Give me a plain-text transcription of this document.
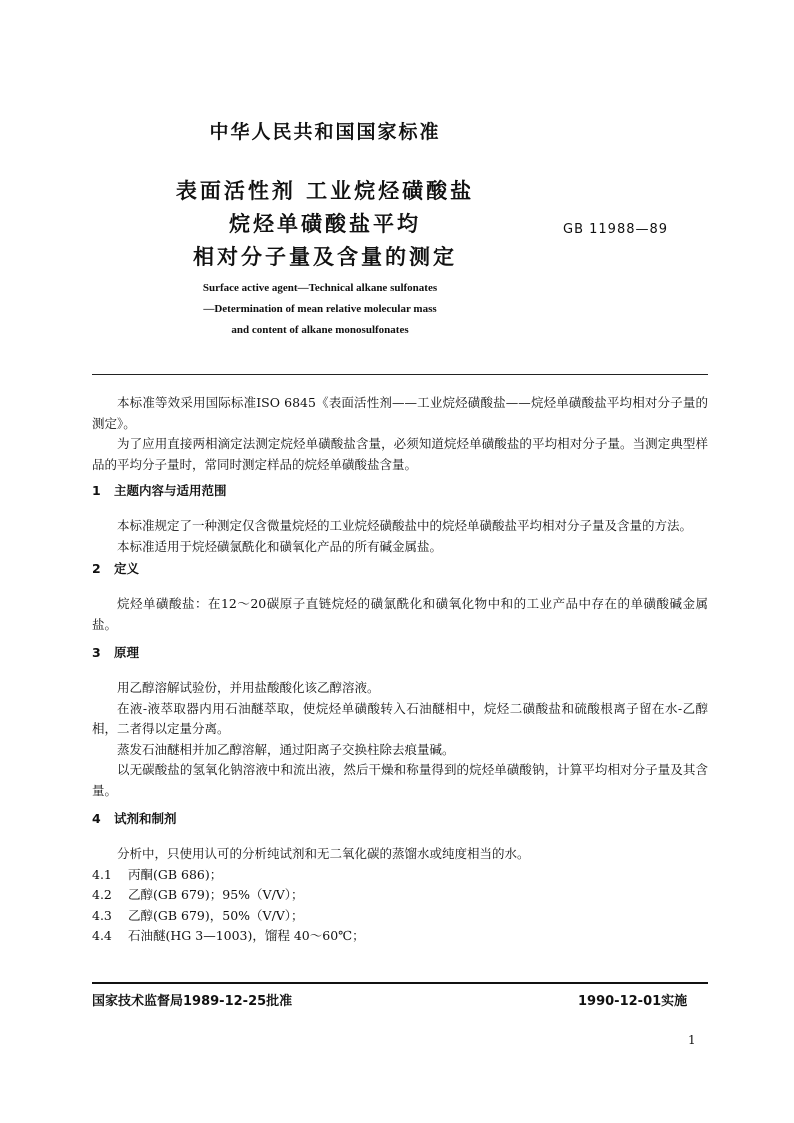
中华人民共和国国家标准
表面活性剂 工业烷烃磺酸盐
烷烃单磺酸盐平均
相对分子量及含量的测定
GB 11988—89
Surface active agent—Technical alkane sulfonates
—Determination of mean relative molecular mass
and content of alkane monosulfonates

本标准等效采用国际标准ISO 6845《表面活性剂——工业烷烃磺酸盐——烷烃单磺酸盐平均相对分子量的测定》。

为了应用直接两相滴定法测定烷烃单磺酸盐含量，必须知道烷烃单磺酸盐的平均相对分子量。当测定典型样品的平均分子量时，常同时测定样品的烷烃单磺酸盐含量。

1 主题内容与适用范围

本标准规定了一种测定仅含微量烷烃的工业烷烃磺酸盐中的烷烃单磺酸盐平均相对分子量及含量的方法。

本标准适用于烷烃磺氯酰化和磺氧化产品的所有碱金属盐。

2 定义

烷烃单磺酸盐：在12～20碳原子直链烷烃的磺氯酰化和磺氧化物中和的工业产品中存在的单磺酸碱金属盐。

3 原理

用乙醇溶解试验份，并用盐酸酸化该乙醇溶液。

在液-液萃取器内用石油醚萃取，使烷烃单磺酸转入石油醚相中，烷烃二磺酸盐和硫酸根离子留在水-乙醇相，二者得以定量分离。

蒸发石油醚相并加乙醇溶解，通过阳离子交换柱除去痕量碱。

以无碳酸盐的氢氧化钠溶液中和流出液，然后干燥和称量得到的烷烃单磺酸钠，计算平均相对分子量及其含量。

4 试剂和制剂

分析中，只使用认可的分析纯试剂和无二氧化碳的蒸馏水或纯度相当的水。

4.1 丙酮(GB 686)；

4.2 乙醇(GB 679)；95%（V/V）；

4.3 乙醇(GB 679)，50%（V/V）；

4.4 石油醚(HG 3—1003)，馏程 40～60℃；

国家技术监督局1989-12-25批准	1990-12-01实施
1
